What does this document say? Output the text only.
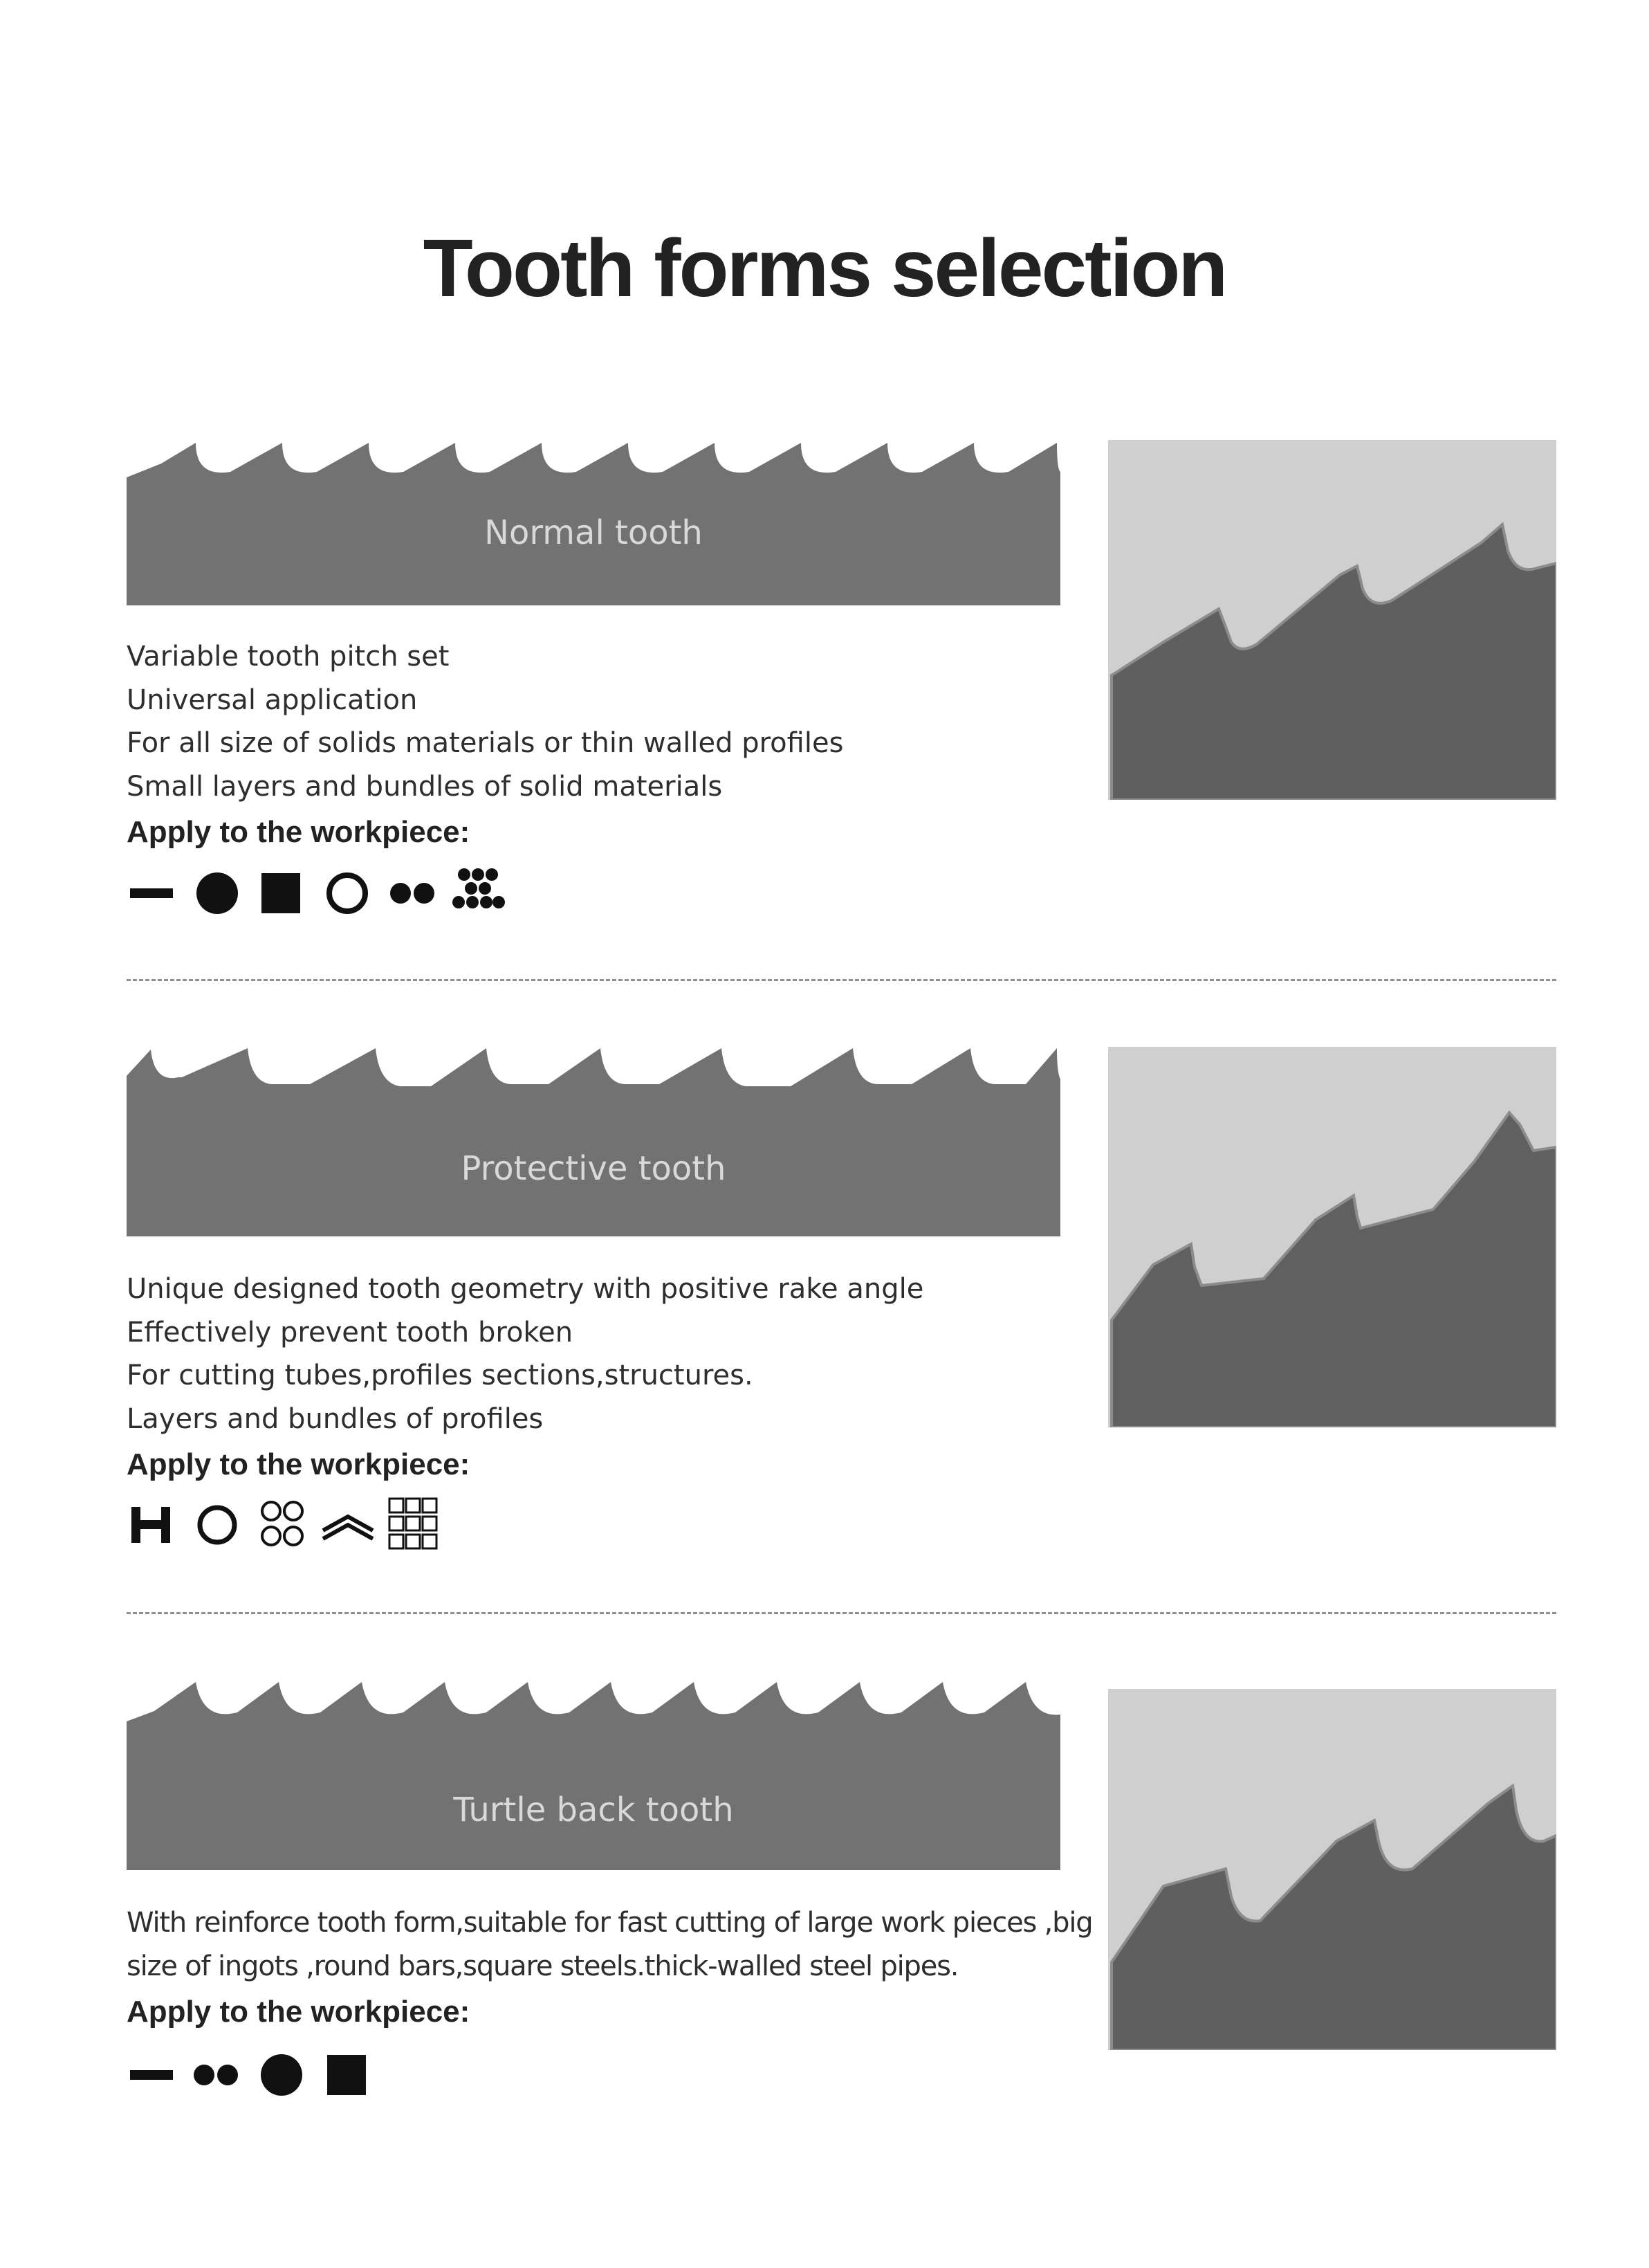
Tooth forms selection
Normal tooth
Variable tooth pitch set
Universal application
For all size of solids materials or thin walled profiles
Small layers and bundles of solid materials
Apply to the workpiece:
Protective tooth
Unique designed tooth geometry with positive rake angle
Effectively prevent tooth broken
For cutting tubes,profiles sections,structures.
Layers and bundles of profiles
Apply to the workpiece:
Turtle back tooth
With reinforce tooth form,suitable for fast cutting of large work pieces ,big
size of ingots ,round bars,square steels.thick-walled steel pipes.
Apply to the workpiece:
